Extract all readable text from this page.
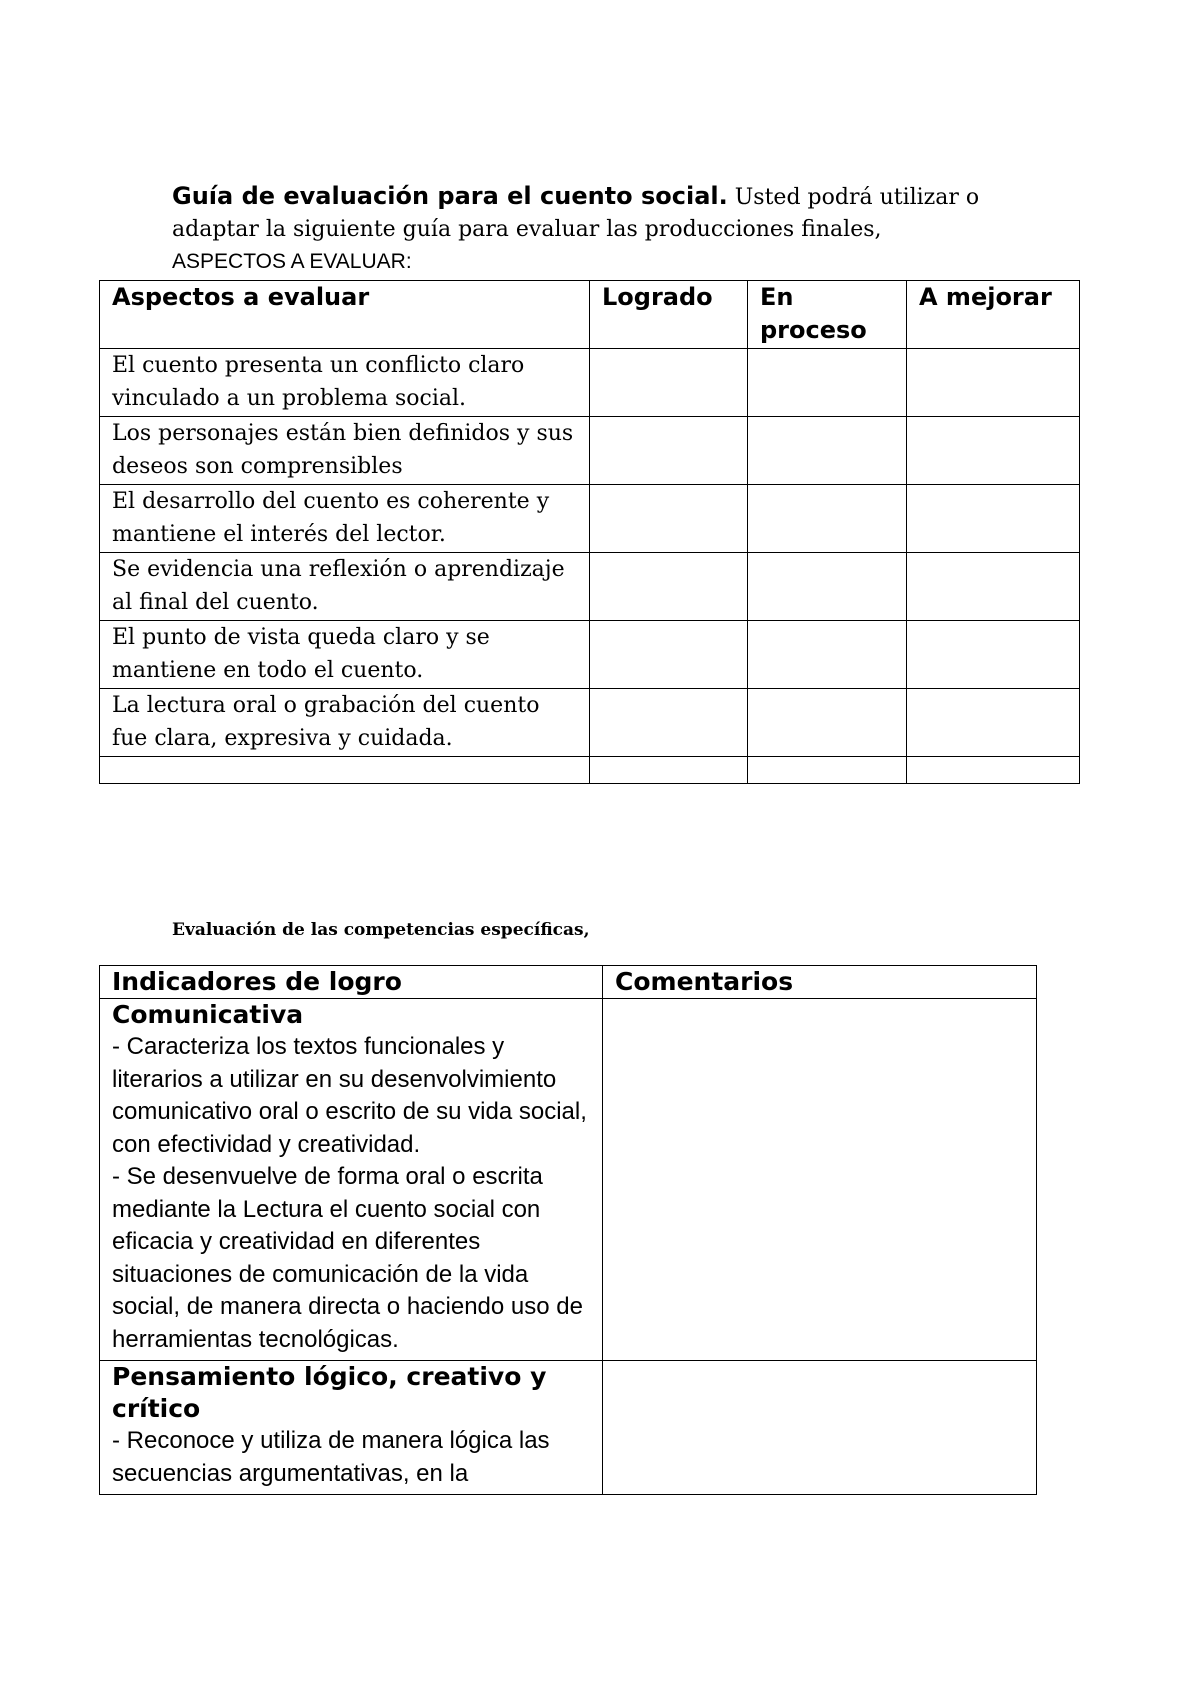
Guía de evaluación para el cuento social. Usted podrá utilizar o adaptar la siguiente guía para evaluar las producciones finales, ASPECTOS A EVALUAR:
Aspectos a evaluar	Logrado	En proceso	A mejorar
El cuento presenta un conflicto claro vinculado a un problema social.			
Los personajes están bien definidos y sus deseos son comprensibles			
El desarrollo del cuento es coherente y mantiene el interés del lector.			
Se evidencia una reflexión o aprendizaje al final del cuento.			
El punto de vista queda claro y se mantiene en todo el cuento.			
La lectura oral o grabación del cuento fue clara, expresiva y cuidada.			

Evaluación de las competencias específicas,
Indicadores de logro	Comentarios

Comunicativa
- Caracteriza los textos funcionales y literarios a utilizar en su desenvolvimiento comunicativo oral o escrito de su vida social, con efectividad y creatividad.
- Se desenvuelve de forma oral o escrita mediante la Lectura el cuento social con eficacia y creatividad en diferentes situaciones de comunicación de la vida social, de manera directa o haciendo uso de herramientas tecnológicas.	

Pensamiento lógico, creativo y crítico
- Reconoce y utiliza de manera lógica las secuencias argumentativas, en la	
